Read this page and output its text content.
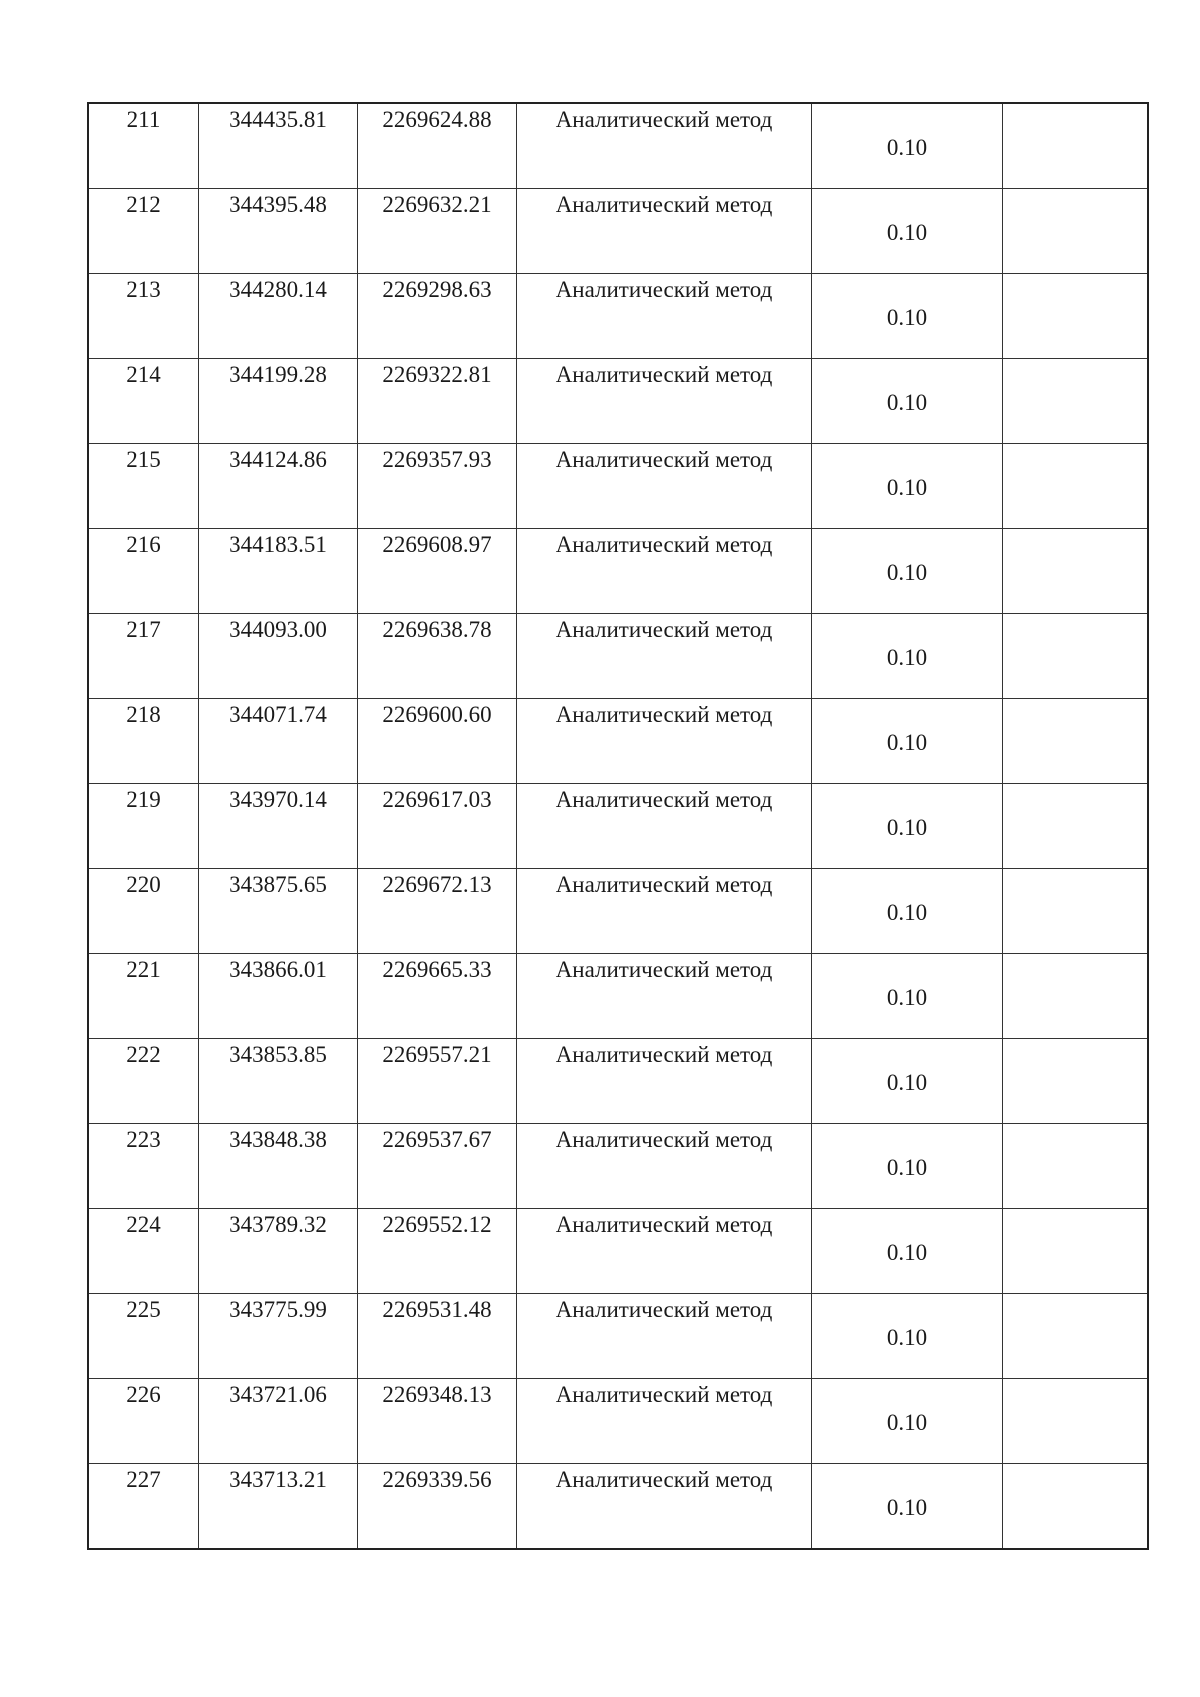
211	344435.81	2269624.88	Аналитический метод	0.10	

212	344395.48	2269632.21	Аналитический метод	0.10	

213	344280.14	2269298.63	Аналитический метод	0.10	

214	344199.28	2269322.81	Аналитический метод	0.10	

215	344124.86	2269357.93	Аналитический метод	0.10	

216	344183.51	2269608.97	Аналитический метод	0.10	

217	344093.00	2269638.78	Аналитический метод	0.10	

218	344071.74	2269600.60	Аналитический метод	0.10	

219	343970.14	2269617.03	Аналитический метод	0.10	

220	343875.65	2269672.13	Аналитический метод	0.10	

221	343866.01	2269665.33	Аналитический метод	0.10	

222	343853.85	2269557.21	Аналитический метод	0.10	

223	343848.38	2269537.67	Аналитический метод	0.10	

224	343789.32	2269552.12	Аналитический метод	0.10	

225	343775.99	2269531.48	Аналитический метод	0.10	

226	343721.06	2269348.13	Аналитический метод	0.10	

227	343713.21	2269339.56	Аналитический метод	0.10	
